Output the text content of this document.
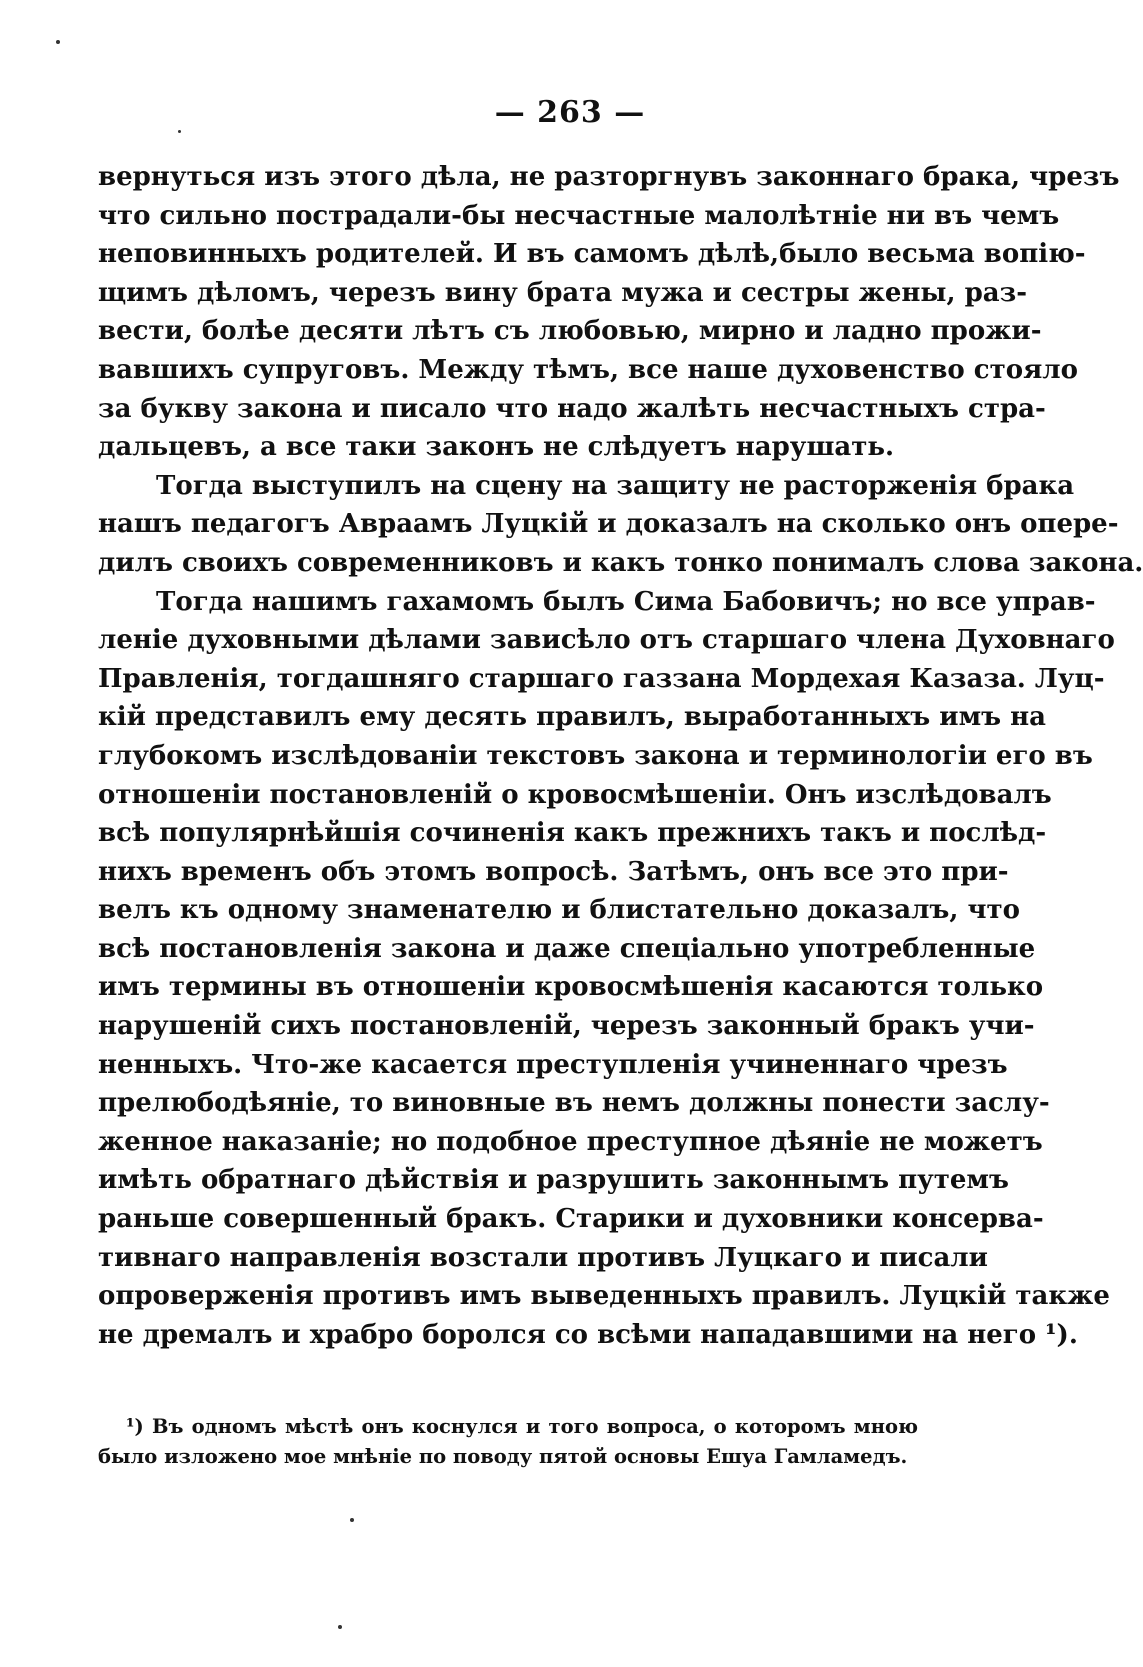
— 263 —
вернуться изъ этого дѣла, не разторгнувъ законнаго брака, чрезъ
что сильно пострадали-бы несчастные малолѣтніе ни въ чемъ
неповинныхъ родителей. И въ самомъ дѣлѣ,было весьма вопію-
щимъ дѣломъ, черезъ вину брата мужа и сестры жены, раз-
вести, болѣе десяти лѣтъ съ любовью, мирно и ладно прожи-
вавшихъ супруговъ. Между тѣмъ, все наше духовенство стояло
за букву закона и писало что надо жалѣть несчастныхъ стра-
дальцевъ, а все таки законъ не слѣдуетъ нарушать.
Тогда выступилъ на сцену на защиту не расторженія брака
нашъ педагогъ Авраамъ Луцкій и доказалъ на сколько онъ опере-
дилъ своихъ современниковъ и какъ тонко понималъ слова закона.
Тогда нашимъ гахамомъ былъ Сима Бабовичъ; но все управ-
леніе духовными дѣлами зависѣло отъ старшаго члена Духовнаго
Правленія, тогдашняго старшаго газзана Мордехая Казаза. Луц-
кій представилъ ему десять правилъ, выработанныхъ имъ на
глубокомъ изслѣдованіи текстовъ закона и терминологіи его въ
отношеніи постановленій о кровосмѣшеніи. Онъ изслѣдовалъ
всѣ популярнѣйшія сочиненія какъ прежнихъ такъ и послѣд-
нихъ временъ объ этомъ вопросѣ. Затѣмъ, онъ все это при-
велъ къ одному знаменателю и блистательно доказалъ, что
всѣ постановленія закона и даже спеціально употребленные
имъ термины въ отношеніи кровосмѣшенія касаются только
нарушеній сихъ постановленій, черезъ законный бракъ учи-
ненныхъ. Что-же касается преступленія учиненнаго чрезъ
прелюбодѣяніе, то виновные въ немъ должны понести заслу-
женное наказаніе; но подобное преступное дѣяніе не можетъ
имѣть обратнаго дѣйствія и разрушить законнымъ путемъ
раньше совершенный бракъ. Старики и духовники консерва-
тивнаго направленія возстали противъ Луцкаго и писали
опроверженія противъ имъ выведенныхъ правилъ. Луцкій также
не дремалъ и храбро боролся со всѣми нападавшими на него ¹).
¹) Въ одномъ мѣстѣ онъ коснулся и того вопроса, о которомъ мною
было изложено мое мнѣніе по поводу пятой основы Ешуа Гамламедъ.
